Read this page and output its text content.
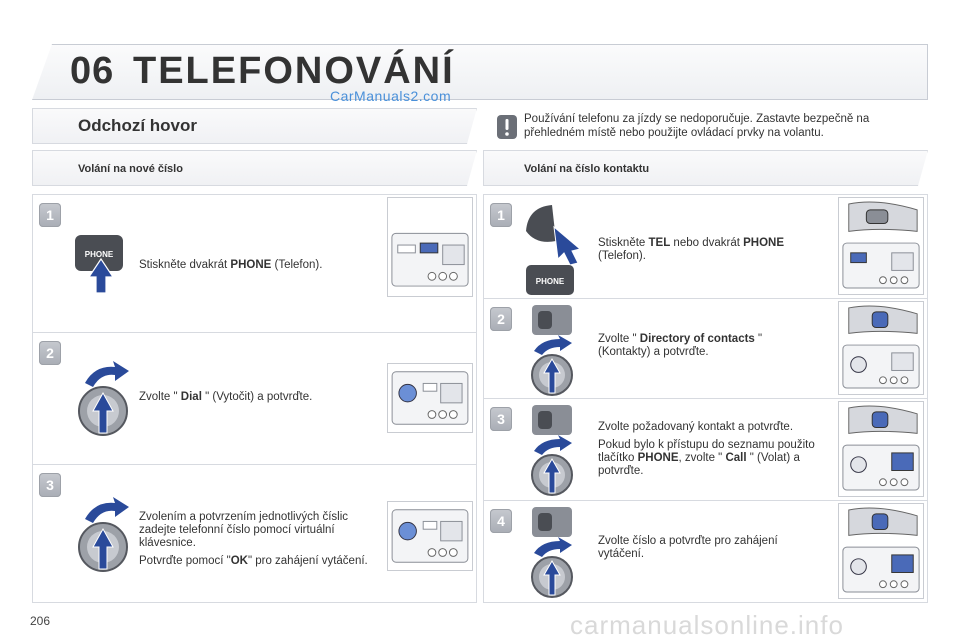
06 TELEFONOVÁNÍ
CarManuals2.com
Odchozí hovor	Používání telefonu za jízdy se nedoporučuje. Zastavte bezpečně na přehledném místě nebo použijte ovládací prvky na volantu.
Volání na nové číslo	Volání na číslo kontaktu
1
PHONE
Stiskněte dvakrát PHONE (Telefon).
2
Zvolte " Dial " (Vytočit) a potvrďte.
3
Zvolením a potvrzením jednotlivých číslic zadejte telefonní číslo pomocí virtuální klávesnice.
Potvrďte pomocí "OK" pro zahájení vytáčení.
1
PHONE
Stiskněte TEL nebo dvakrát PHONE
(Telefon).
2
Zvolte " Directory of contacts "
(Kontakty) a potvrďte.
3	Zvolte požadovaný kontakt a potvrďte.
Pokud bylo k přístupu do seznamu použito tlačítko PHONE, zvolte " Call " (Volat) a potvrďte.
4
Zvolte číslo a potvrďte pro zahájení vytáčení.
206	carmanualsonline.info
